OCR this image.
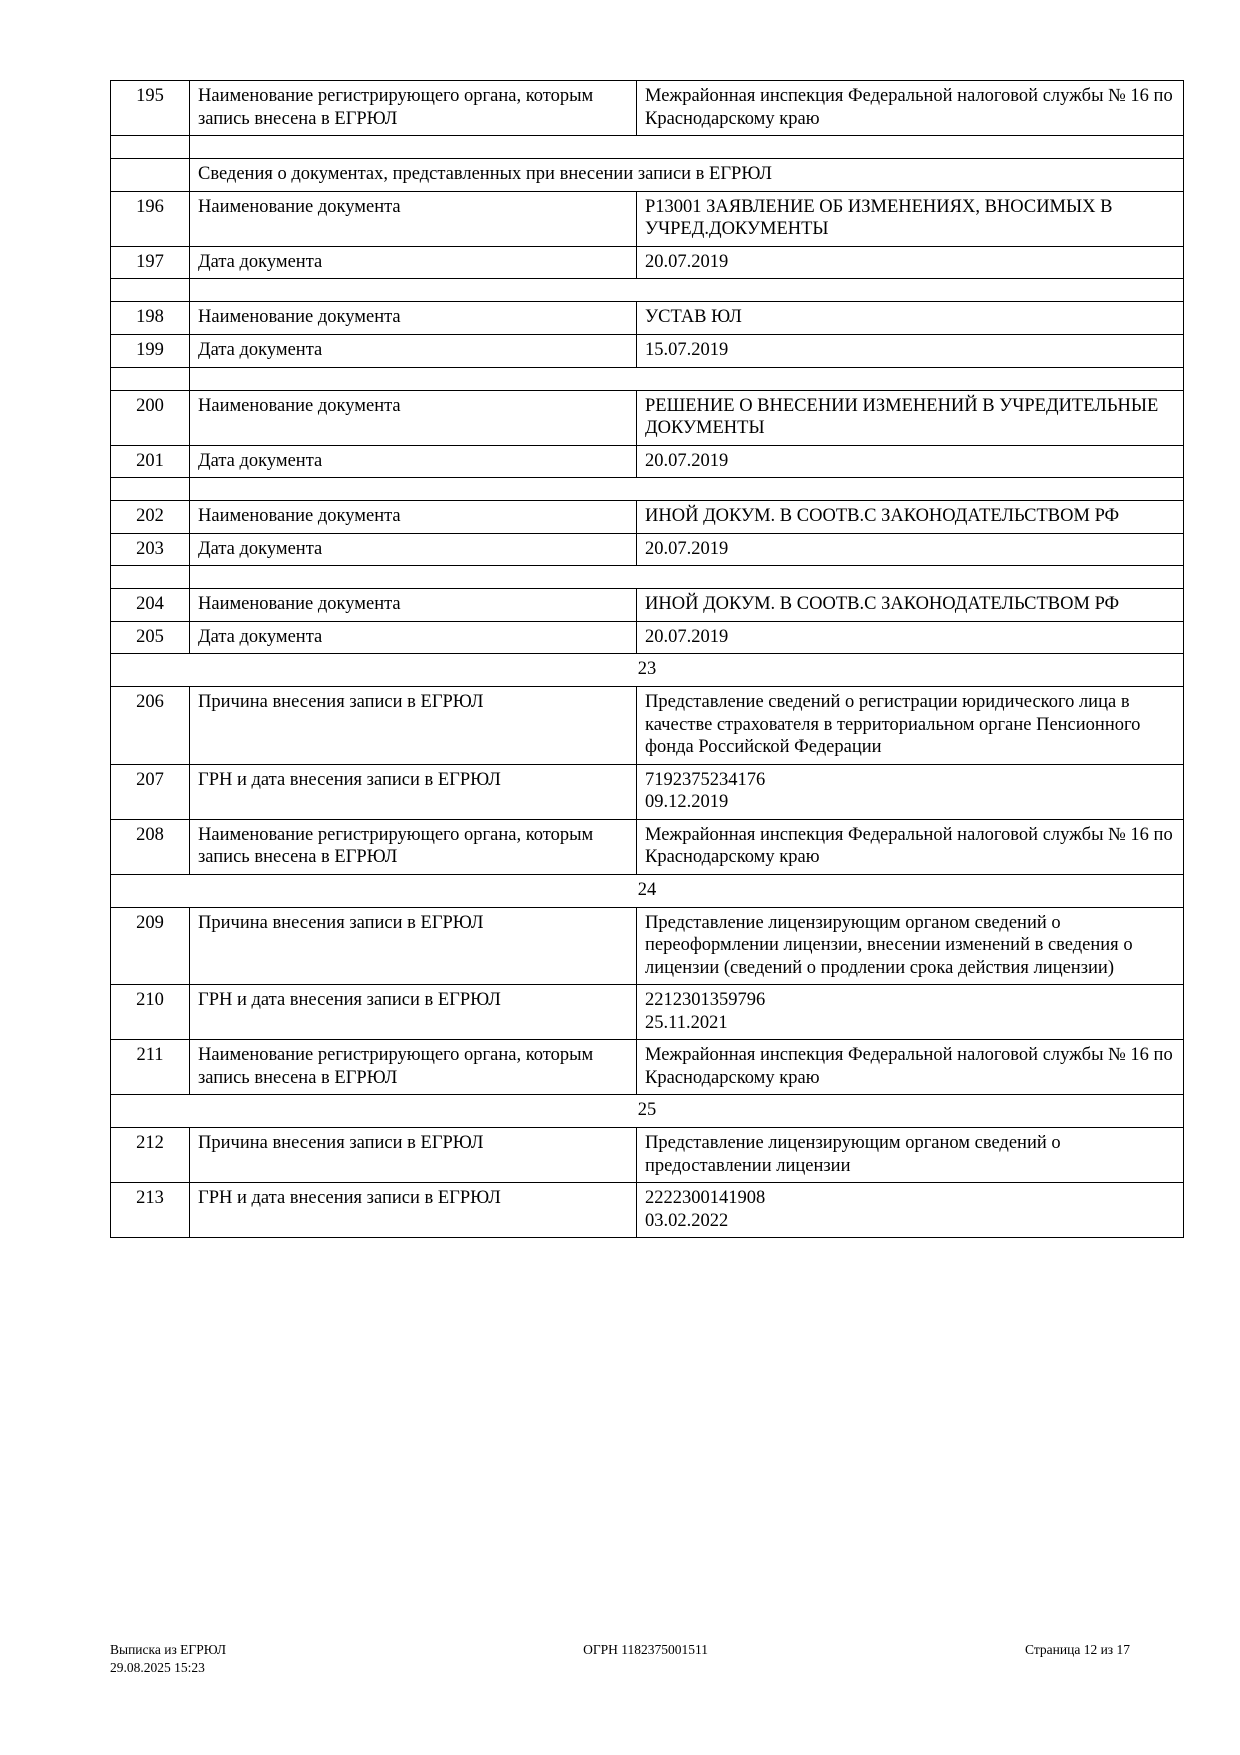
195	Наименование регистрирующего органа, которым запись внесена в ЕГРЮЛ	Межрайонная инспекция Федеральной налоговой службы № 16 по Краснодарскому краю

	Сведения о документах, представленных при внесении записи в ЕГРЮЛ	
196	Наименование документа	Р13001 ЗАЯВЛЕНИЕ ОБ ИЗМЕНЕНИЯХ, ВНОСИМЫХ В УЧРЕД.ДОКУМЕНТЫ
197	Дата документа	20.07.2019

198	Наименование документа	УСТАВ ЮЛ
199	Дата документа	15.07.2019

200	Наименование документа	РЕШЕНИЕ О ВНЕСЕНИИ ИЗМЕНЕНИЙ В УЧРЕДИТЕЛЬНЫЕ ДОКУМЕНТЫ
201	Дата документа	20.07.2019

202	Наименование документа	ИНОЙ ДОКУМ. В СООТВ.С ЗАКОНОДАТЕЛЬСТВОМ РФ
203	Дата документа	20.07.2019

204	Наименование документа	ИНОЙ ДОКУМ. В СООТВ.С ЗАКОНОДАТЕЛЬСТВОМ РФ
205	Дата документа	20.07.2019
23		
206	Причина внесения записи в ЕГРЮЛ	Представление сведений о регистрации юридического лица в качестве страхователя в территориальном органе Пенсионного фонда Российской Федерации
207	ГРН и дата внесения записи в ЕГРЮЛ	7192375234176
09.12.2019
208	Наименование регистрирующего органа, которым запись внесена в ЕГРЮЛ	Межрайонная инспекция Федеральной налоговой службы № 16 по Краснодарскому краю
24		
209	Причина внесения записи в ЕГРЮЛ	Представление лицензирующим органом сведений о переоформлении лицензии, внесении изменений в сведения о лицензии (сведений о продлении срока действия лицензии)
210	ГРН и дата внесения записи в ЕГРЮЛ	2212301359796
25.11.2021
211	Наименование регистрирующего органа, которым запись внесена в ЕГРЮЛ	Межрайонная инспекция Федеральной налоговой службы № 16 по Краснодарскому краю
25		
212	Причина внесения записи в ЕГРЮЛ	Представление лицензирующим органом сведений о предоставлении лицензии
213	ГРН и дата внесения записи в ЕГРЮЛ	2222300141908
03.02.2022
Выписка из ЕГРЮЛ
29.08.2025 15:23
ОГРН 1182375001511	Страница 12 из 17
